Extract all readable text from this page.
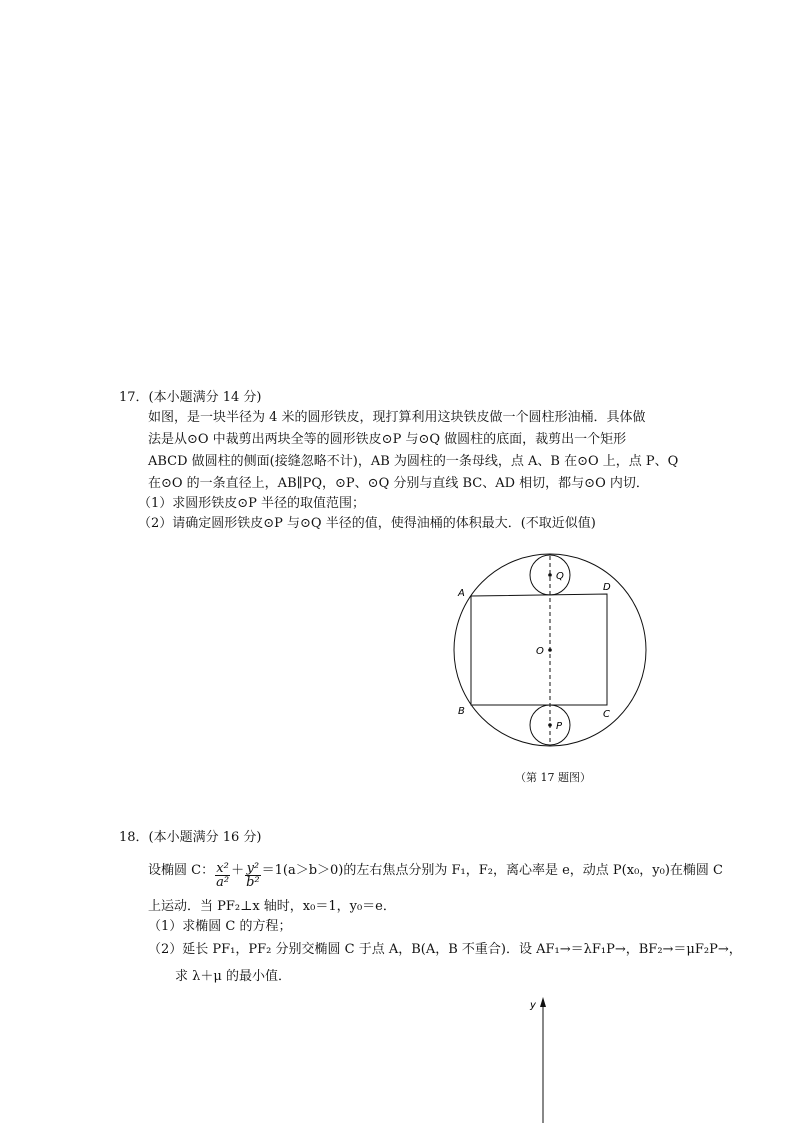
17．(本小题满分 14 分)
如图，是一块半径为 4 米的圆形铁皮，现打算利用这块铁皮做一个圆柱形油桶．具体做
法是从⊙O 中裁剪出两块全等的圆形铁皮⊙P 与⊙Q 做圆柱的底面，裁剪出一个矩形
ABCD 做圆柱的侧面(接缝忽略不计)，AB 为圆柱的一条母线，点 A、B 在⊙O 上，点 P、Q
在⊙O 的一条直径上，AB∥PQ，⊙P、⊙Q 分别与直线 BC、AD 相切，都与⊙O 内切．
（1）求圆形铁皮⊙P 半径的取值范围；
（2）请确定圆形铁皮⊙P 与⊙Q 半径的值，使得油桶的体积最大．(不取近似值)
A
B	C
D
O
P
Q
（第 17 题图）
18．(本小题满分 16 分)
设椭圆 C： $\frac{\text{x²}}{\text{a²}} + \frac{\text{y²}}{\text{b²}} =1(a>b>0)$的左右焦点分别为 F₁，F₂，离心率是 e，动点 P(x₀，y₀)在椭圆 C
上运动．当 PF₂⊥x 轴时，x₀＝1，y₀＝e．
（1）求椭圆 C 的方程；
（2）延长 PF₁，PF₂ 分别交椭圆 C 于点 A，B(A，B 不重合)．设 AF₁→＝λF₁P→，BF₂→＝μF₂P→，
求 λ＋μ 的最小值．
y
